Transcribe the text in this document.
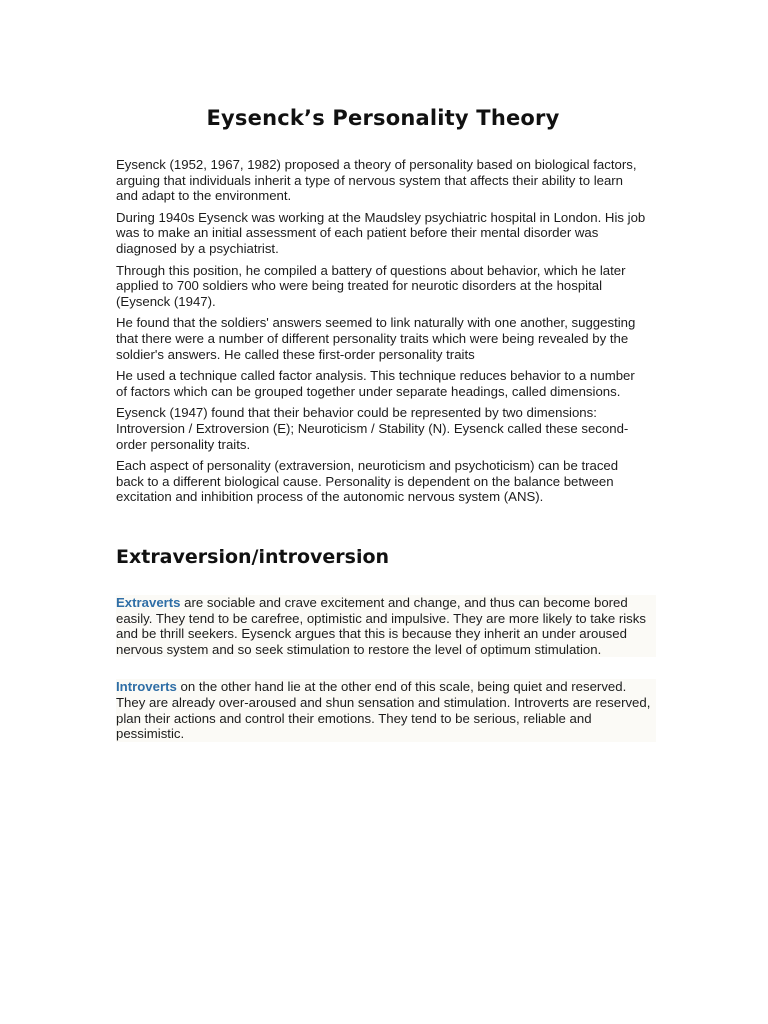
Eysenck’s Personality Theory

Eysenck (1952, 1967, 1982) proposed a theory of personality based on biological factors, arguing that individuals inherit a type of nervous system that affects their ability to learn and adapt to the environment.

During 1940s Eysenck was working at the Maudsley psychiatric hospital in London. His job was to make an initial assessment of each patient before their mental disorder was diagnosed by a psychiatrist.

Through this position, he compiled a battery of questions about behavior, which he later applied to 700 soldiers who were being treated for neurotic disorders at the hospital (Eysenck (1947).

He found that the soldiers' answers seemed to link naturally with one another, suggesting that there were a number of different personality traits which were being revealed by the soldier's answers. He called these first-order personality traits

He used a technique called factor analysis. This technique reduces behavior to a number of factors which can be grouped together under separate headings, called dimensions.

Eysenck (1947) found that their behavior could be represented by two dimensions: Introversion / Extroversion (E); Neuroticism / Stability (N). Eysenck called these second-order personality traits.

Each aspect of personality (extraversion, neuroticism and psychoticism) can be traced back to a different biological cause. Personality is dependent on the balance between excitation and inhibition process of the autonomic nervous system (ANS).

Extraversion/introversion

Extraverts are sociable and crave excitement and change, and thus can become bored easily. They tend to be carefree, optimistic and impulsive. They are more likely to take risks and be thrill seekers. Eysenck argues that this is because they inherit an under aroused nervous system and so seek stimulation to restore the level of optimum stimulation.

Introverts on the other hand lie at the other end of this scale, being quiet and reserved. They are already over-aroused and shun sensation and stimulation. Introverts are reserved, plan their actions and control their emotions. They tend to be serious, reliable and pessimistic.
